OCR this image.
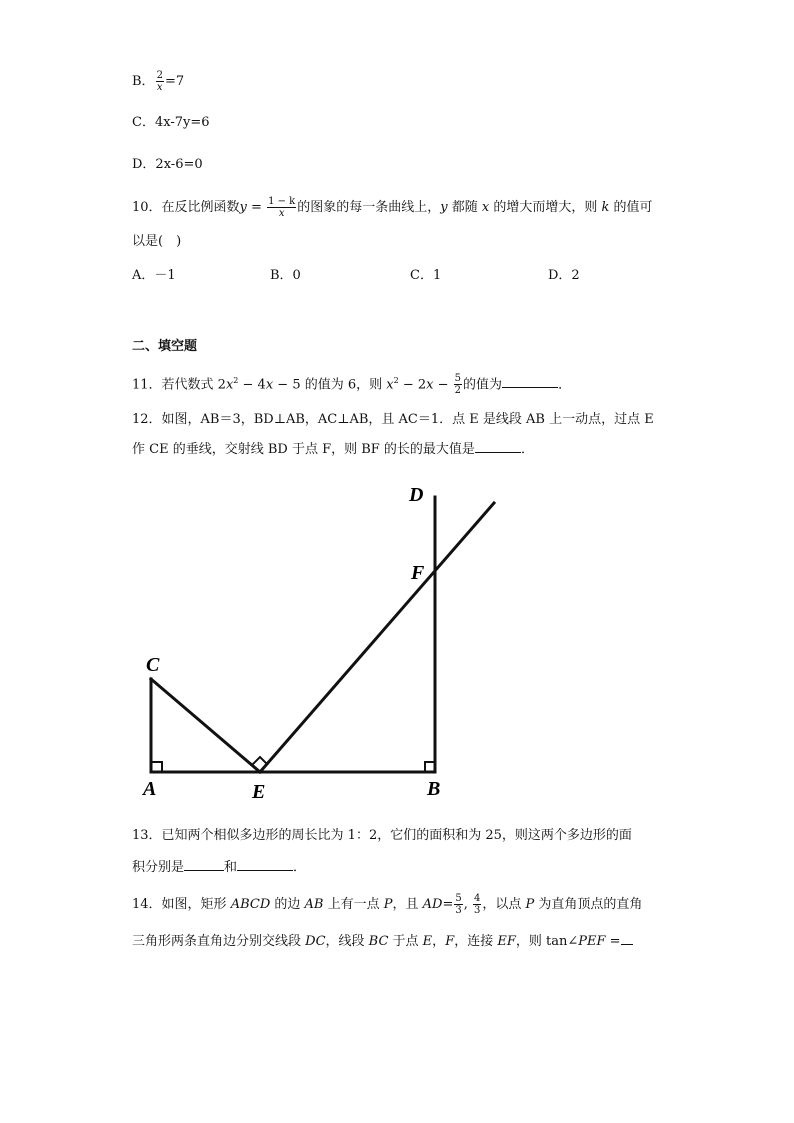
B． $\frac{2}{x} =7$
C．4x-7y=6
D．2x-6=0
10．在反比例函数$y = \frac{1 - k}{x}$ 的图象的每一条曲线上，y 都随 x 的增大而增大，则 k 的值可
以是(　)
A．－1	B．0	C．1	D．2
二、填空题
11．若代数式 $2x^2 - 4x - 5$ 的值为 6，则 $x^2 - 2x - \frac{5}{2}$ 的值为	．
12．如图，AB＝3，BD⊥AB，AC⊥AB，且 AC＝1．点 E 是线段 AB 上一动点，过点 E
作 CE 的垂线，交射线 BD 于点 F，则 BF 的长的最大值是	．
A	B
C
D
E
F
13．已知两个相似多边形的周长比为 1：2，它们的面积和为 25，则这两个多边形的面
积分别是	和	．
14．如图，矩形 ABCD 的边 AB 上有一点 P，且 $AD= \frac{5}{3}$ , $\frac{4}{3}$ ，以点 P 为直角顶点的直角
三角形两条直角边分别交线段 DC，线段 BC 于点 E，F，连接 EF，则 tan∠PEF =
